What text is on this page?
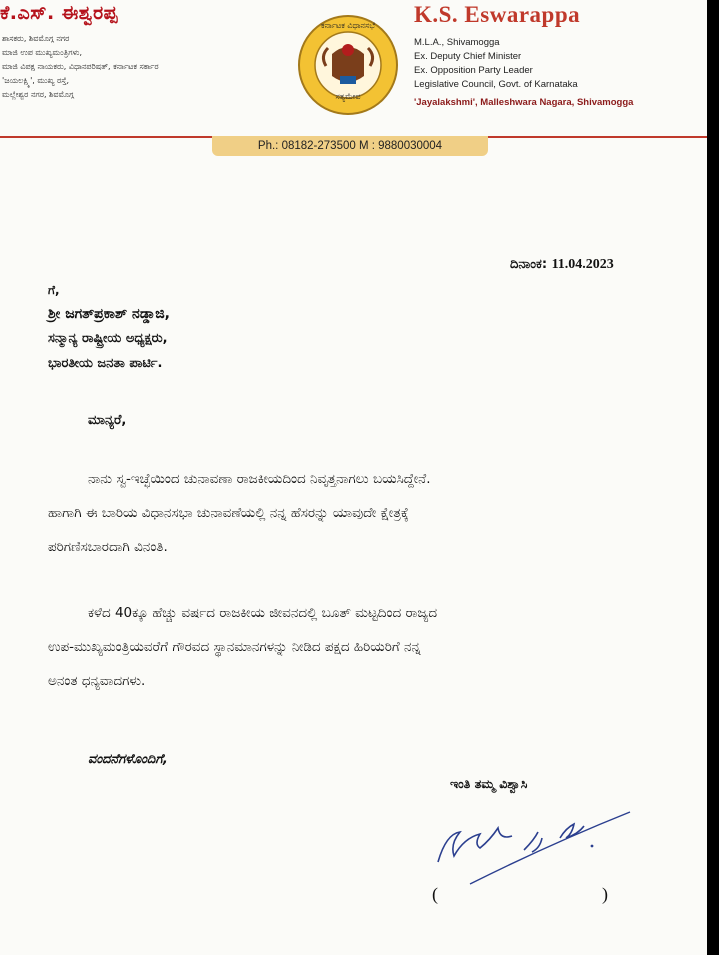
ಕೆ.ಎಸ್. ಈಶ್ವರಪ್ಪ
ಶಾಸಕರು, ಶಿವಮೊಗ್ಗ ನಗರ
ಮಾಜಿ ಉಪ ಮುಖ್ಯಮಂತ್ರಿಗಳು,
ಮಾಜಿ ವಿಪಕ್ಷ ನಾಯಕರು, ವಿಧಾನಪರಿಷತ್, ಕರ್ನಾಟಕ ಸರ್ಕಾರ
'ಜಯಲಕ್ಷ್ಮಿ', ಮುಖ್ಯ ರಸ್ತೆ,
ಮಲ್ಲೇಶ್ವರ ನಗರ, ಶಿವಮೊಗ್ಗ	ಸತ್ಯಮೇವ
ಕರ್ನಾಟಕ ವಿಧಾನಸಭೆ K.S. Eswarappa
M.L.A., Shivamogga
Ex. Deputy Chief Minister
Ex. Opposition Party Leader
Legislative Council, Govt. of Karnataka
'Jayalakshmi', Malleshwara Nagara, Shivamogga
Ph.: 08182-273500 M : 9880030004
ದಿನಾಂಕ: 11.04.2023
ಗೆ,
ಶ್ರೀ ಜಗತ್‌ಪ್ರಕಾಶ್ ನಡ್ಡಾಜಿ,
ಸನ್ಮಾನ್ಯ ರಾಷ್ಟ್ರೀಯ ಅಧ್ಯಕ್ಷರು,
ಭಾರತೀಯ ಜನತಾ ಪಾರ್ಟಿ.
ಮಾನ್ಯರೆ,
ನಾನು ಸ್ವ-ಇಚ್ಛೆಯಿಂದ ಚುನಾವಣಾ ರಾಜಕೀಯದಿಂದ ನಿವೃತ್ತನಾಗಲು ಬಯಸಿದ್ದೇನೆ.
ಹಾಗಾಗಿ ಈ ಬಾರಿಯ ವಿಧಾನಸಭಾ ಚುನಾವಣೆಯಲ್ಲಿ ನನ್ನ ಹೆಸರನ್ನು ಯಾವುದೇ ಕ್ಷೇತ್ರಕ್ಕೆ
ಪರಿಗಣಿಸಬಾರದಾಗಿ ವಿನಂತಿ.
ಕಳೆದ 40ಕ್ಕೂ ಹೆಚ್ಚು ವರ್ಷದ ರಾಜಕೀಯ ಜೀವನದಲ್ಲಿ ಬೂತ್ ಮಟ್ಟದಿಂದ ರಾಜ್ಯದ
ಉಪ-ಮುಖ್ಯಮಂತ್ರಿಯವರೆಗೆ ಗೌರವದ ಸ್ಥಾನಮಾನಗಳನ್ನು ನೀಡಿದ ಪಕ್ಷದ ಹಿರಿಯರಿಗೆ ನನ್ನ
ಅನಂತ ಧನ್ಯವಾದಗಳು.
ವಂದನೆಗಳೊಂದಿಗೆ,
ಇಂತಿ ತಮ್ಮ ವಿಶ್ವಾಸಿ
(	)
